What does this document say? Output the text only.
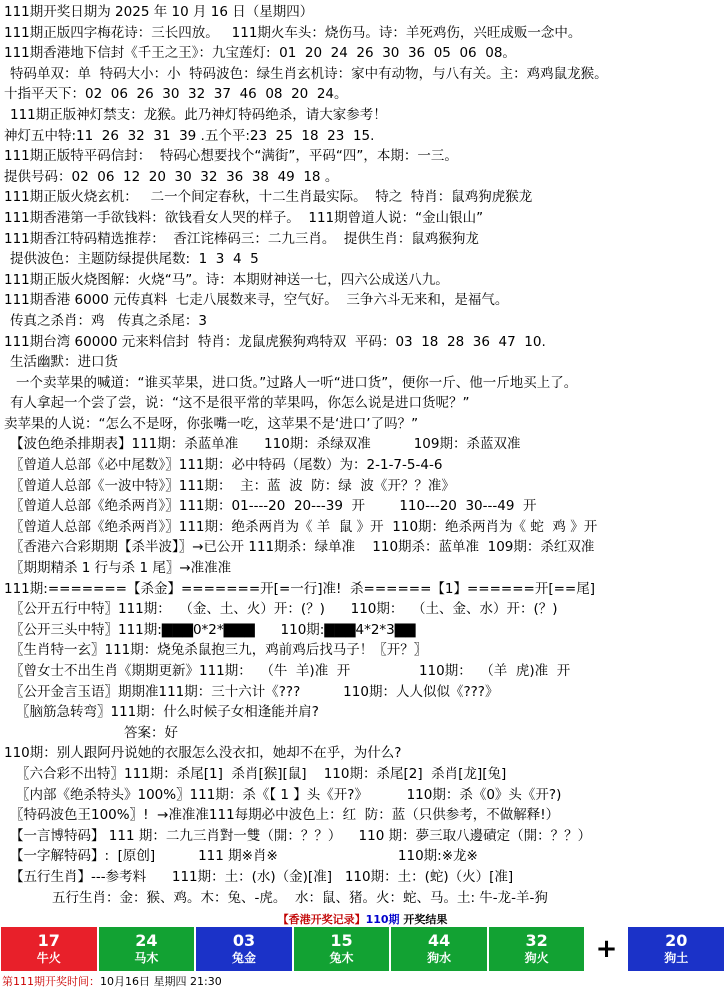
111期开奖日期为 2025 年 10 月 16 日（星期四）
111期正版四字梅花诗：三长四放。   111期火车头：烧伤马。诗：羊死鸡伤，兴旺成贩一念中。
111期香港地下信封《千王之王》：九宝莲灯:  01  20  24  26  30  36  05  06  08。
特码单双：单  特码大小：小  特码波色：绿生肖玄机诗：家中有动物，与八有关。主：鸡鸡鼠龙猴。
十指平天下：02  06  26  30  32  37  46  08  20  24。
111期正版神灯禁支：龙猴。此乃神灯特码绝杀，请大家参考！
神灯五中特:11  26  32  31  39 .五个平:23  25  18  23  15.
111期正版特平码信封：  特码心想要找个“满街”，平码“四”，本期：一三。
提供号码：02  06  12  20  30  32  36  38  49  18 。
111期正版火烧玄机：   二一个间定春秋，十二生肖最实际。  特之  特肖：鼠鸡狗虎猴龙
111期香港第一手欲钱料：欲钱看女人哭的样子。  111期曾道人说：“金山银山”
111期香江特码精选推荐：  香江诧棒码三：二九三肖。  提供生肖：鼠鸡猴狗龙
提供波色：主题防绿提供尾数:  1  3  4  5
111期正版火烧图解：火烧“马”。诗：本期财神送一七，四六公成送八九。
111期香港 6000 元传真料  七走八展数来寻，空气好。  三争六斗无来和，是福气。
传真之杀肖：鸡   传真之杀尾：3
111期台湾 60000 元来料信封  特肖：龙鼠虎猴狗鸡特双  平码：03  18  28  36  47  10.
生活幽默：进口货
一个卖苹果的喊道：“谁买苹果，进口货。”过路人一听“进口货”，便你一斤、他一斤地买上了。
有人拿起一个尝了尝，说：“这不是很平常的苹果吗，你怎么说是进口货呢？”
卖苹果的人说：“怎么不是呀，你张嘴一吃，这苹果不是‘进口’了吗？”
【波色绝杀排期表】111期：杀蓝单准      110期：杀绿双准          109期：杀蓝双准
〖曾道人总部《必中尾数》〗111期：必中特码（尾数）为：2-1-7-5-4-6
〖曾道人总部《一波中特》〗111期：  主：蓝  波  防：绿  波《开？？准》
〖曾道人总部《绝杀两肖》〗111期：01----20  20---39  开        110---20  30---49  开
〖曾道人总部《绝杀两肖》〗111期：绝杀两肖为《 羊  鼠 》开  110期：绝杀两肖为《 蛇  鸡 》开
〖香港六合彩期期【杀半波】〗→已公开 111期杀：绿单准    110期杀：蓝单准  109期：杀红双准
〖期期精杀 1 行与杀 1 尾〗→准准准
111期:=======【杀金】=======开[=一行]准!  杀======【1】======开[==尾]
〖公开五行中特〗111期：  （金、土、火）开：(？)      110期：  （土、金、水）开：(？)
〖公开三头中特〗111期:▇▇▇0*2*▇▇▇      110期:▇▇▇4*2*3▇▇
〖生肖特一玄〗111期：烧兔杀鼠抱三九，鸡前鸡后找马子！〖开？〗
〖曾女士不出生肖《期期更新》111期：  （牛  羊)准  开                110期：  （羊  虎)准  开
〖公开金言玉语〗期期准111期：三十六计《???          110期：人人似似《???》
〖脑筋急转弯〗111期：什么时候子女相逢能并肩?
答案：好
110期：别人跟阿丹说她的衣服怎么没衣扣，她却不在乎，为什么?
〖六合彩不出特〗111期：杀尾[1]  杀肖[猴][鼠]    110期：杀尾[2]  杀肖[龙][兔]
〖内部《绝杀特头》100%〗111期：杀《【 1 】头《开?》         110期：杀《0》头《开?)
〖特码波色王100%〗!  →准准准111每期必中波色上：红  防：蓝（只供参考，不做解释!）
【一言博特码】 111 期：二九三肖對一雙（開：？？）    110 期：夢三取八邊磧定（開：？？）
【一字解特码】:  [原创]          111 期※肖※                            110期:※龙※
【五行生肖】---参考料      111期：土：(水)（金)[准]   110期：土：(蛇)（火）[准]
五行生肖：金：猴、鸡。木：兔、-虎。  水：鼠、猪。火：蛇、马。土: 牛-龙-羊-狗
【香港开奖记录】110期 开奖结果
17
牛火
24
马木
03
兔金
15
兔木
44
狗水
32
狗火	+	20
狗土
第111期开奖时间：10月16日 星期四 21:30
